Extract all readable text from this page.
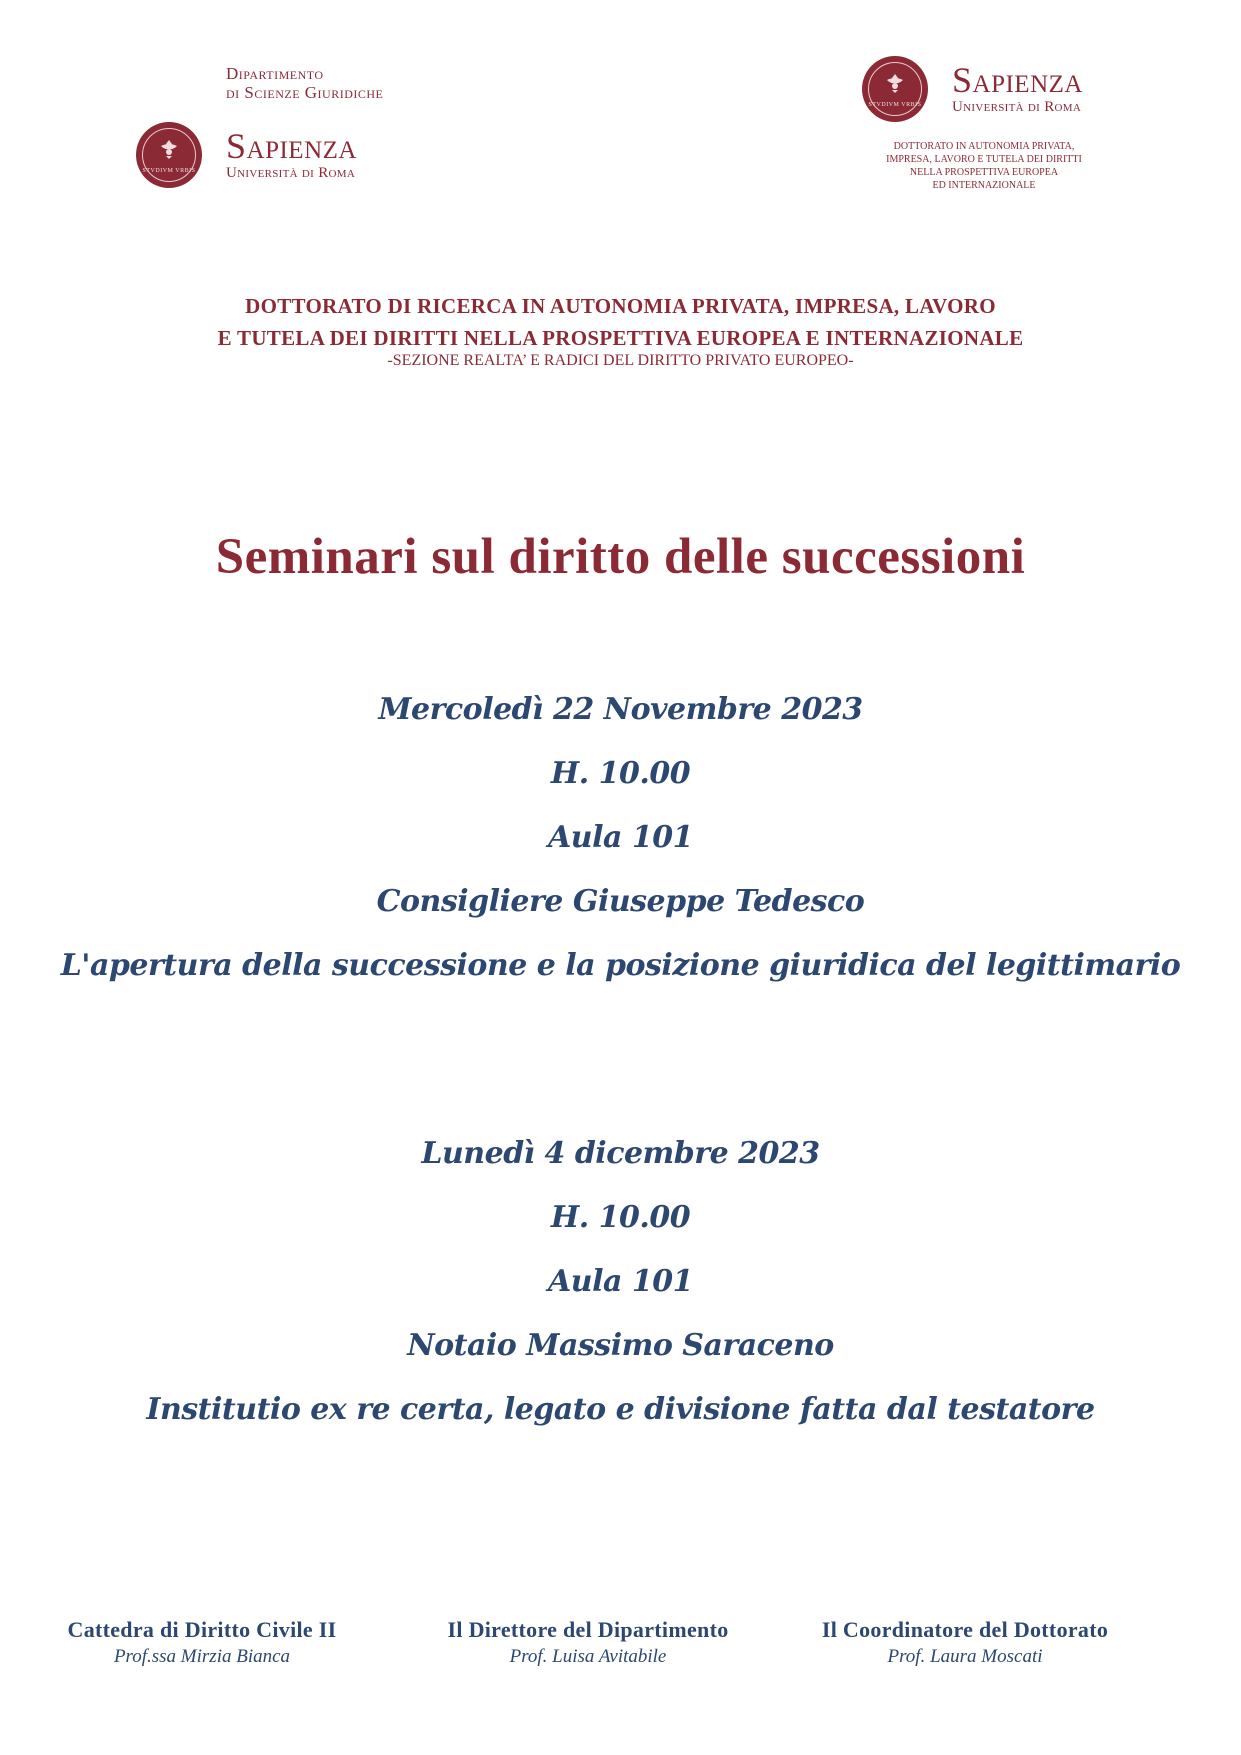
Dipartimento
di Scienze Giuridiche
STVDIVM VRBIS
Sapienza
Università di Roma
STVDIVM VRBIS
Sapienza
Università di Roma
DOTTORATO IN AUTONOMIA PRIVATA,
IMPRESA, LAVORO E TUTELA DEI DIRITTI
NELLA PROSPETTIVA EUROPEA
ED INTERNAZIONALE
DOTTORATO DI RICERCA IN AUTONOMIA PRIVATA, IMPRESA, LAVORO
E TUTELA DEI DIRITTI NELLA PROSPETTIVA EUROPEA E INTERNAZIONALE
-SEZIONE REALTA’ E RADICI DEL DIRITTO PRIVATO EUROPEO-
Seminari sul diritto delle successioni
Mercoledì 22 Novembre 2023
H. 10.00
Aula 101
Consigliere Giuseppe Tedesco
L'apertura della successione e la posizione giuridica del legittimario
Lunedì 4 dicembre 2023
H. 10.00
Aula 101
Notaio Massimo Saraceno
Institutio ex re certa, legato e divisione fatta dal testatore
Cattedra di Diritto Civile II
Prof.ssa Mirzia Bianca
Il Direttore del Dipartimento
Prof. Luisa Avitabile
Il Coordinatore del Dottorato
Prof. Laura Moscati
